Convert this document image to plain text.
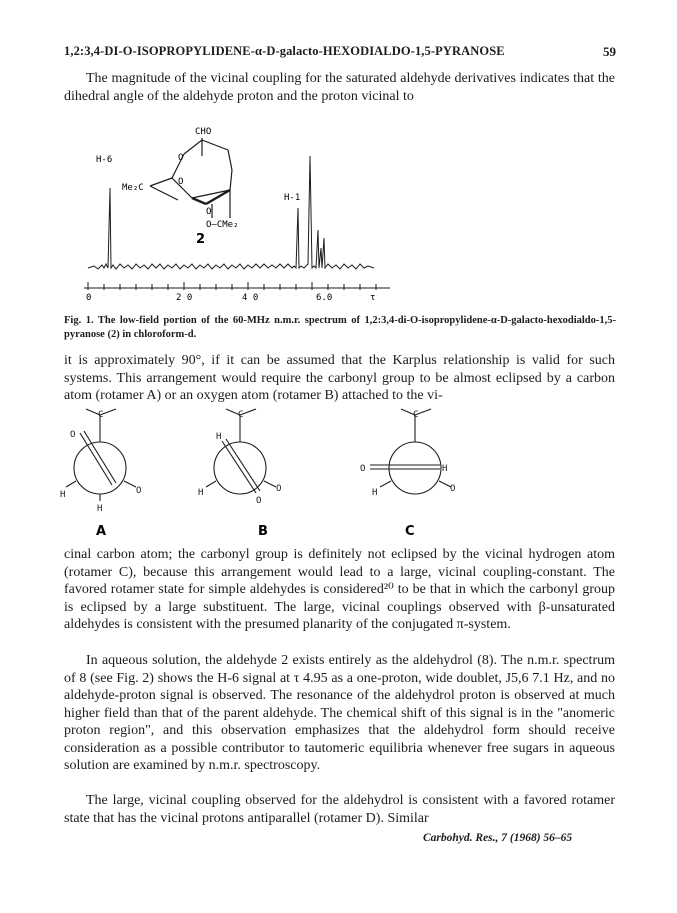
1,2:3,4-DI-O-ISOPROPYLIDENE-α-D-galacto-HEXODIALDO-1,5-PYRANOSE	59

The magnitude of the vicinal coupling for the saturated aldehyde derivatives indicates that the dihedral angle of the aldehyde proton and the proton vicinal to

CHO
H-6
H-1
Me₂C
O
O
O
O—CMe₂
2
0	2 0	4 0	6.0	τ
Fig. 1. The low-field portion of the 60-MHz n.m.r. spectrum of 1,2:3,4-di-O-isopropylidene-α-D-galacto-hexodialdo-1,5-pyranose (2) in chloroform-d.

it is approximately 90°, if it can be assumed that the Karplus relationship is valid for such systems. This arrangement would require the carbonyl group to be almost eclipsed by a carbon atom (rotamer A) or an oxygen atom (rotamer B) attached to the vi-

C
O
H	O
H
C
H
H	O
O
C
O	H
H	O
A	B	C

cinal carbon atom; the carbonyl group is definitely not eclipsed by the vicinal hydrogen atom (rotamer C), because this arrangement would lead to a large, vicinal coupling-constant. The favored rotamer state for simple aldehydes is considered²⁰ to be that in which the carbonyl group is eclipsed by a large substituent. The large, vicinal couplings observed with β-unsaturated aldehydes is consistent with the presumed planarity of the conjugated π-system.

In aqueous solution, the aldehyde 2 exists entirely as the aldehydrol (8). The n.m.r. spectrum of 8 (see Fig. 2) shows the H-6 signal at τ 4.95 as a one-proton, wide doublet, J5,6 7.1 Hz, and no aldehyde-proton signal is observed. The resonance of the aldehydrol proton is observed at much higher field than that of the parent aldehyde. The chemical shift of this signal is in the "anomeric proton region", and this observation emphasizes that the aldehydrol form should receive consideration as a possible contributor to tautomeric equilibria whenever free sugars in aqueous solution are examined by n.m.r. spectroscopy.

The large, vicinal coupling observed for the aldehydrol is consistent with a favored rotamer state that has the vicinal protons antiparallel (rotamer D). Similar

Carbohyd. Res., 7 (1968) 56–65
